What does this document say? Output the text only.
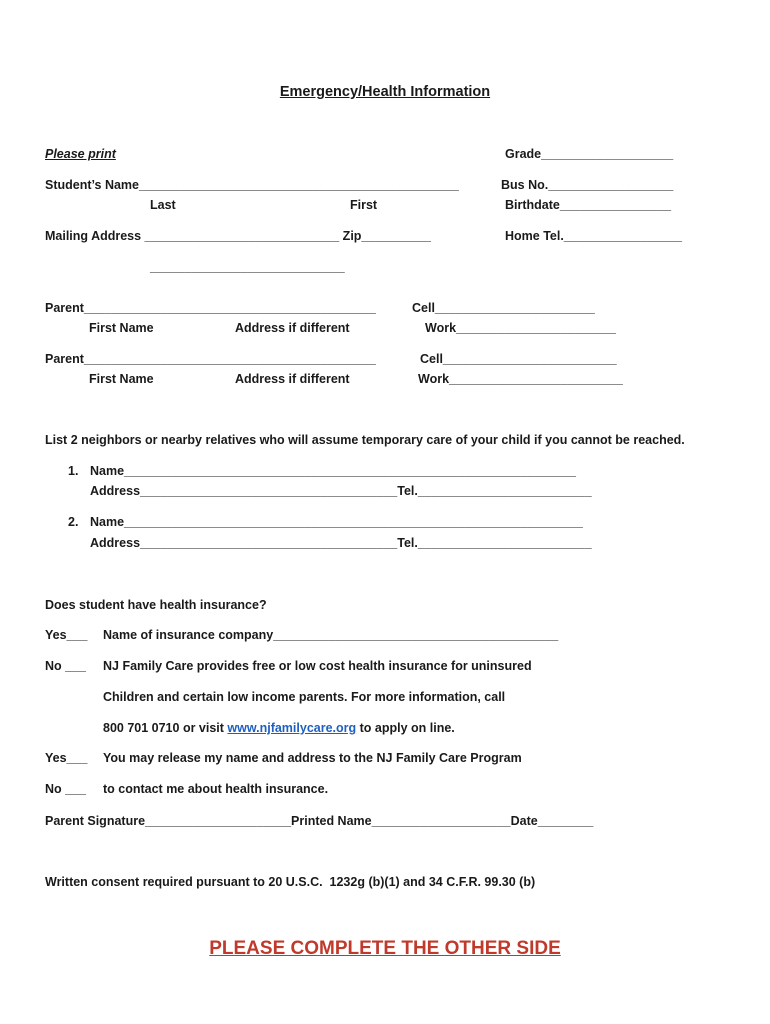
Emergency/Health Information
Please print	Grade___________________
Student’s Name______________________________________________	Bus No.__________________
Last	First	Birthdate________________
Mailing Address ____________________________ Zip__________	Home Tel._________________
____________________________
Parent__________________________________________	Cell_______________________
First Name	Address if different	Work_______________________
Parent__________________________________________	Cell_________________________
First Name	Address if different	Work_________________________
List 2 neighbors or nearby relatives who will assume temporary care of your child if you cannot be reached.
1. Name_________________________________________________________________
Address_____________________________________Tel._________________________
2. Name__________________________________________________________________
Address_____________________________________Tel._________________________
Does student have health insurance?
Yes___ Name of insurance company_________________________________________
No ___ NJ Family Care provides free or low cost health insurance for uninsured
Children and certain low income parents. For more information, call
800 701 0710 or visit www.njfamilycare.org to apply on line.
Yes___ You may release my name and address to the NJ Family Care Program
No ___ to contact me about health insurance.
Parent Signature_____________________Printed Name____________________Date________
Written consent required pursuant to 20 U.S.C.  1232g (b)(1) and 34 C.F.R. 99.30 (b)
PLEASE COMPLETE THE OTHER SIDE
